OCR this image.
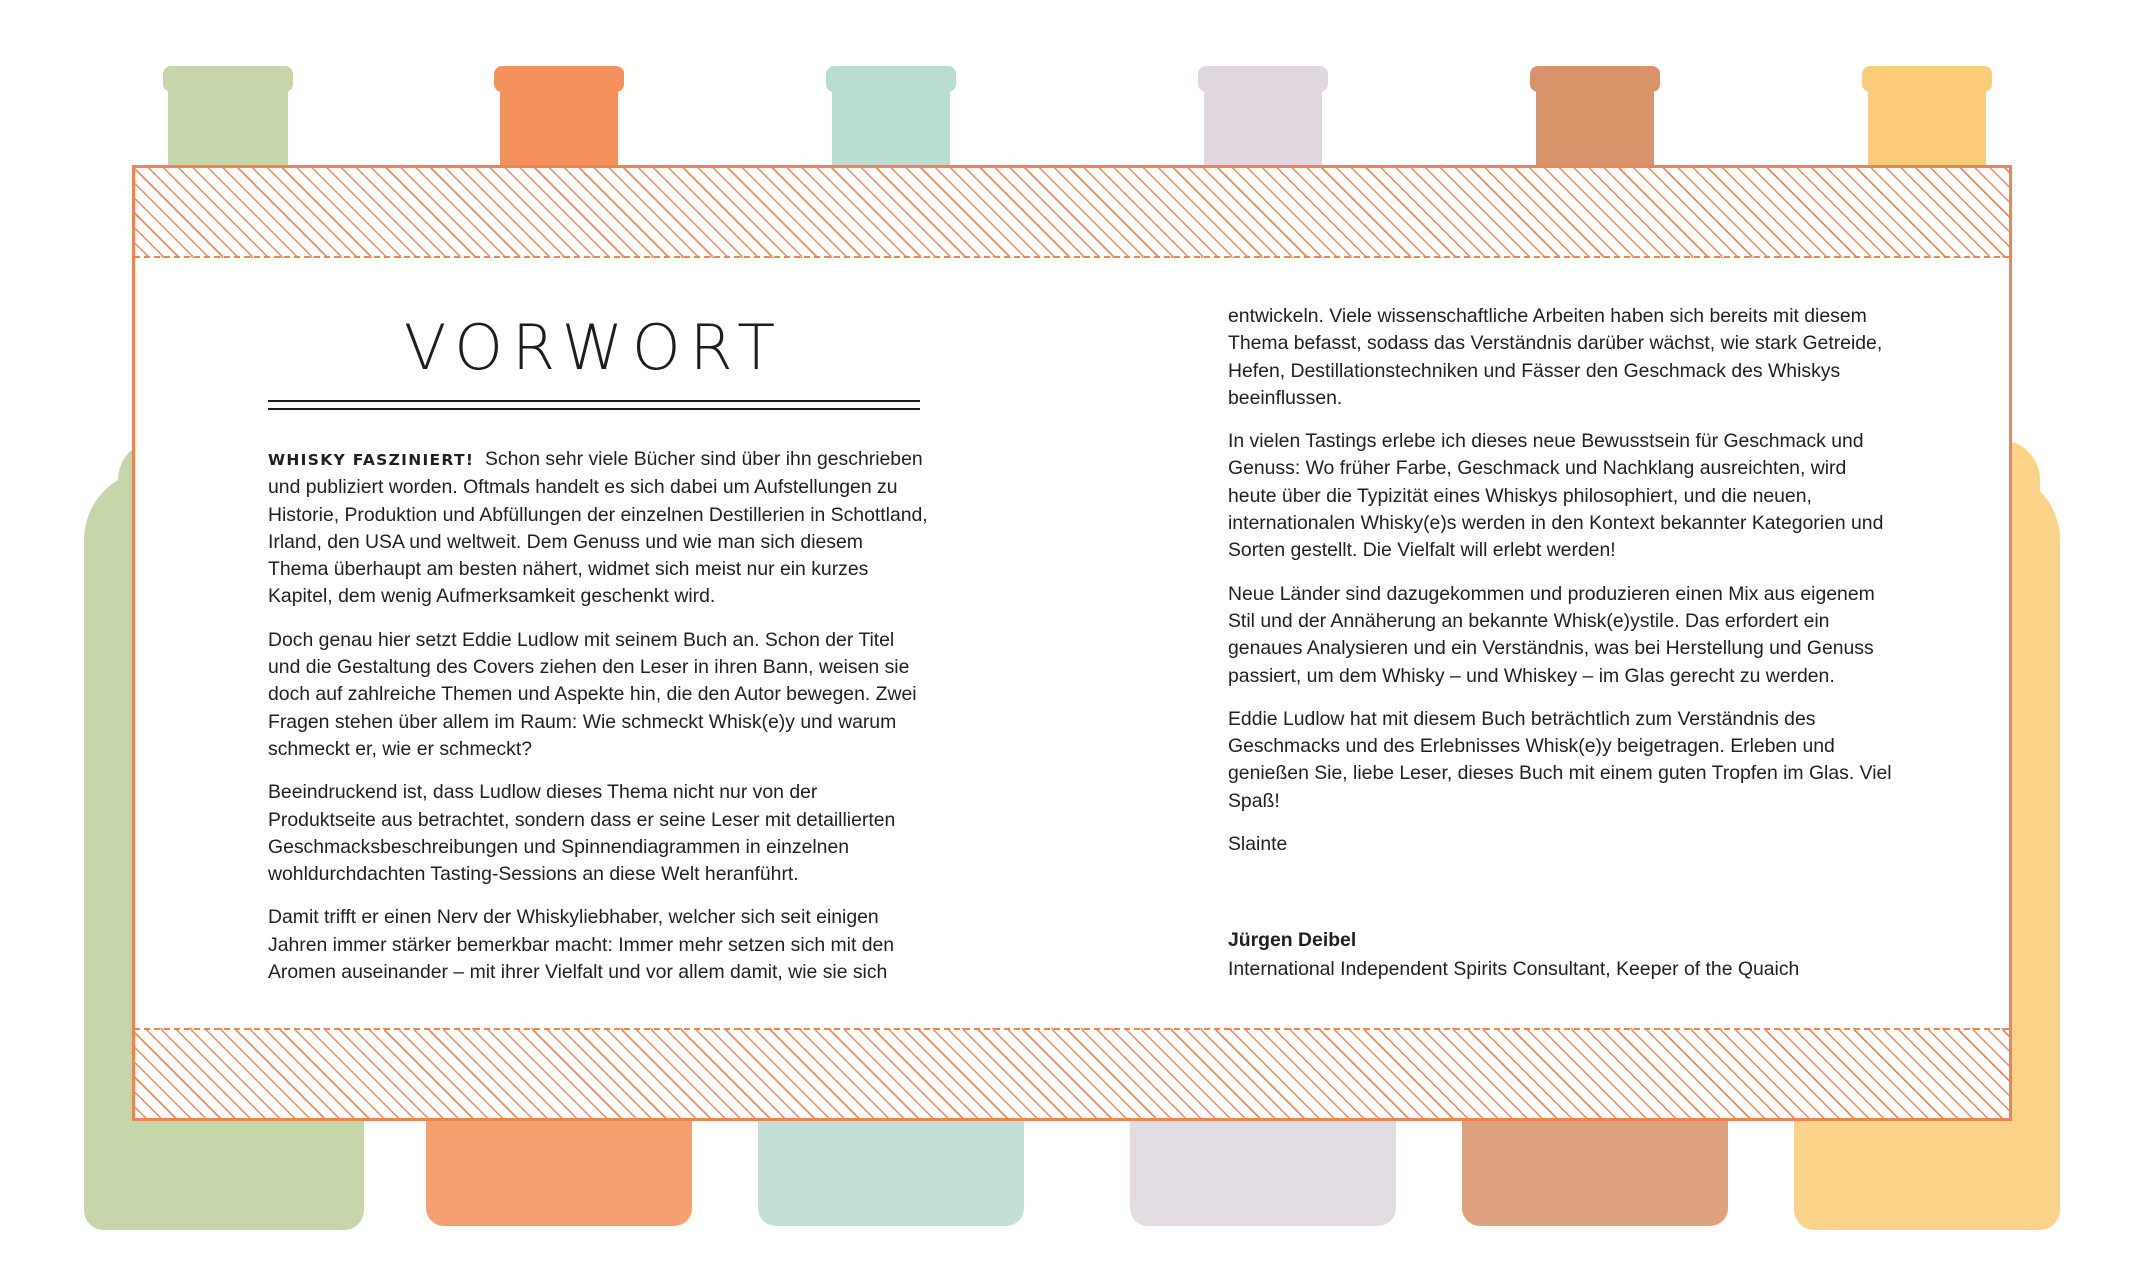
VORWORT

WHISKY FASZINIERT! Schon sehr viele Bücher sind über ihn geschrieben und publiziert worden. Oftmals handelt es sich dabei um Aufstellungen zu Historie, Produktion und Abfüllungen der einzelnen Destillerien in Schottland, Irland, den USA und weltweit. Dem Genuss und wie man sich diesem Thema überhaupt am besten nähert, widmet sich meist nur ein kurzes Kapitel, dem wenig Aufmerksamkeit geschenkt wird.

Doch genau hier setzt Eddie Ludlow mit seinem Buch an. Schon der Titel und die Gestaltung des Covers ziehen den Leser in ihren Bann, weisen sie doch auf zahlreiche Themen und Aspekte hin, die den Autor bewegen. Zwei Fragen stehen über allem im Raum: Wie schmeckt Whisk(e)y und warum schmeckt er, wie er schmeckt?

Beeindruckend ist, dass Ludlow dieses Thema nicht nur von der Produktseite aus betrachtet, sondern dass er seine Leser mit detaillierten Geschmacksbeschreibungen und Spinnendiagrammen in einzelnen wohldurchdachten Tasting-Sessions an diese Welt heranführt.

Damit trifft er einen Nerv der Whiskyliebhaber, welcher sich seit einigen Jahren immer stärker bemerkbar macht: Immer mehr setzen sich mit den Aromen auseinander – mit ihrer Vielfalt und vor allem damit, wie sie sich

entwickeln. Viele wissenschaftliche Arbeiten haben sich bereits mit diesem Thema befasst, sodass das Verständnis darüber wächst, wie stark Getreide, Hefen, Destillationstechniken und Fässer den Geschmack des Whiskys beeinflussen.

In vielen Tastings erlebe ich dieses neue Bewusstsein für Geschmack und Genuss: Wo früher Farbe, Geschmack und Nachklang ausreichten, wird heute über die Typizität eines Whiskys philosophiert, und die neuen, internationalen Whisky(e)s werden in den Kontext bekannter Kategorien und Sorten gestellt. Die Vielfalt will erlebt werden!

Neue Länder sind dazugekommen und produzieren einen Mix aus eigenem Stil und der Annäherung an bekannte Whisk(e)ystile. Das erfordert ein genaues Analysieren und ein Verständnis, was bei Herstellung und Genuss passiert, um dem Whisky – und Whiskey – im Glas gerecht zu werden.

Eddie Ludlow hat mit diesem Buch beträchtlich zum Verständnis des Geschmacks und des Erlebnisses Whisk(e)y beigetragen. Erleben und genießen Sie, liebe Leser, dieses Buch mit einem guten Tropfen im Glas. Viel Spaß!

Slainte

Jürgen Deibel
International Independent Spirits Consultant, Keeper of the Quaich
